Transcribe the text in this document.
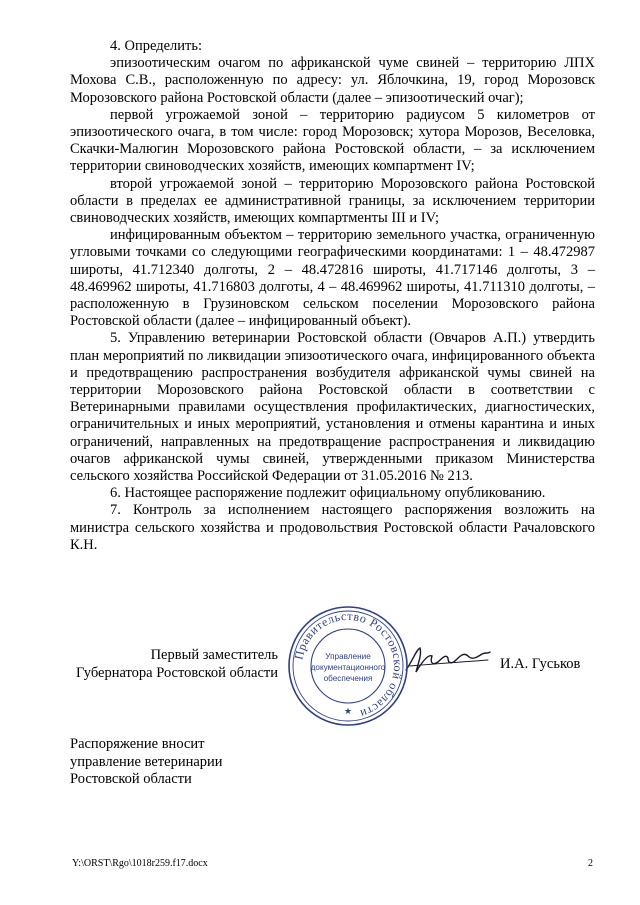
4. Определить:

эпизоотическим очагом по африканской чуме свиней – территорию ЛПХ Мохова С.В., расположенную по адресу: ул. Яблочкина, 19, город Морозовск Морозовского района Ростовской области (далее – эпизоотический очаг);

первой угрожаемой зоной – территорию радиусом 5 километров от эпизоотического очага, в том числе: город Морозовск; хутора Морозов, Веселовка, Скачки-Малюгин Морозовского района Ростовской области, – за исключением территории свиноводческих хозяйств, имеющих компартмент IV;

второй угрожаемой зоной – территорию Морозовского района Ростовской области в пределах ее административной границы, за исключением территории свиноводческих хозяйств, имеющих компартменты III и IV;

инфицированным объектом – территорию земельного участка, ограниченную угловыми точками со следующими географическими координатами: 1 – 48.472987 широты, 41.712340 долготы, 2 – 48.472816 широты, 41.717146 долготы, 3 – 48.469962 широты, 41.716803 долготы, 4 – 48.469962 широты, 41.711310 долготы, – расположенную в Грузиновском сельском поселении Морозовского района Ростовской области (далее – инфицированный объект).

5. Управлению ветеринарии Ростовской области (Овчаров А.П.) утвердить план мероприятий по ликвидации эпизоотического очага, инфицированного объекта и предотвращению распространения возбудителя африканской чумы свиней на территории Морозовского района Ростовской области в соответствии с Ветеринарными правилами осуществления профилактических, диагностических, ограничительных и иных мероприятий, установления и отмены карантина и иных ограничений, направленных на предотвращение распространения и ликвидацию очагов африканской чумы свиней, утвержденными приказом Министерства сельского хозяйства Российской Федерации от 31.05.2016 № 213.

6. Настоящее распоряжение подлежит официальному опубликованию.

7. Контроль за исполнением настоящего распоряжения возложить на министра сельского хозяйства и продовольствия Ростовской области Рачаловского К.Н.

Первый заместитель
Губернатора Ростовской области
Правительство Ростовской области
Управление
документационного
обеспечения
★
И.А. Гуськов
Распоряжение вносит
управление ветеринарии
Ростовской области
Y:\ORST\Rgo\1018r259.f17.docx	2
